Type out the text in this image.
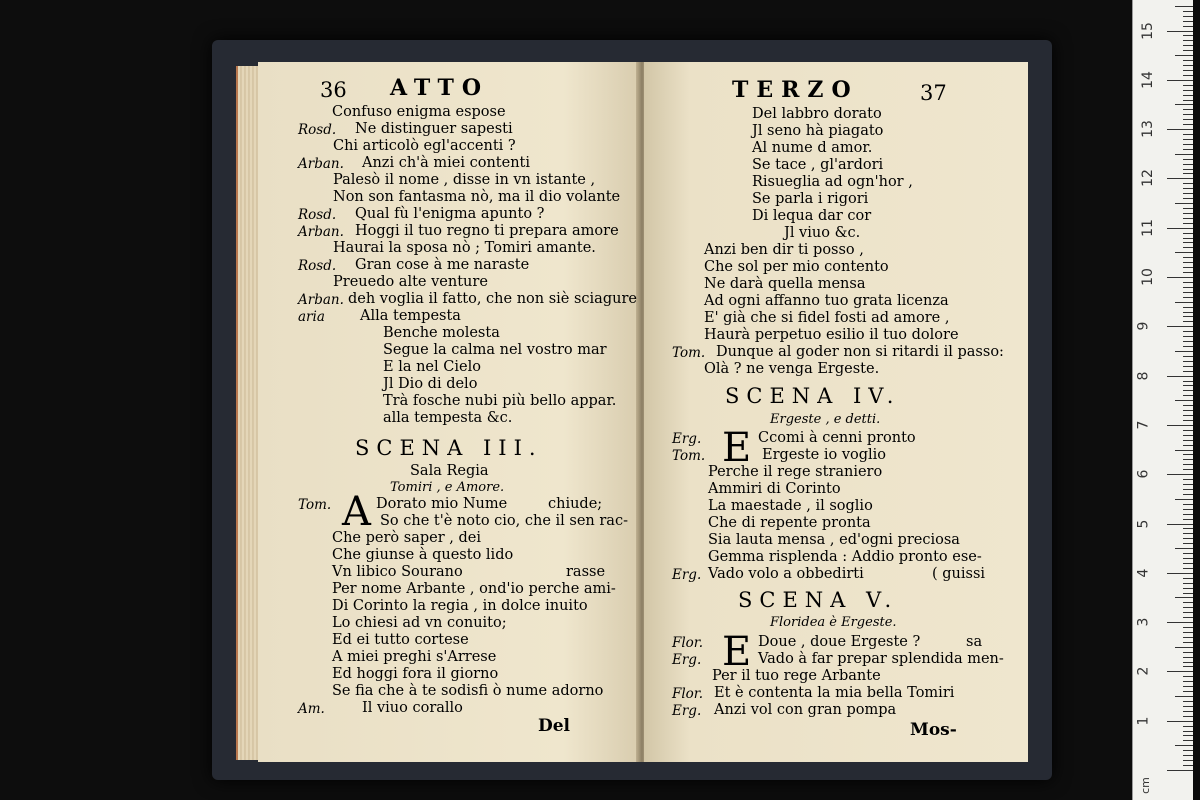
36 ATTO
SCENA III.
Sala Regia
Tomiri , e Amore.
A
Del
Confuso enigma espose
Rosd. Ne distinguer sapesti
Chi articolò egl'accenti ?
Arban. Anzi ch'à miei contenti
Palesò il nome , disse in vn istante ,
Non son fantasma nò, ma il dio volante
Rosd. Qual fù l'enigma apunto ?
Arban. Hoggi il tuo regno ti prepara amore
Haurai la sposa nò ; Tomiri amante.
Rosd. Gran cose à me naraste
Preuedo alte venture
Arban. deh voglia il fatto, che non siè sciagure
aria Alla tempesta
Benche molesta
Segue la calma nel vostro mar
E la nel Cielo
Jl Dio di delo
Trà fosche nubi più bello appar.
alla tempesta &c.
Tom.	Dorato mio Nume	chiude;
So che t'è noto cio, che il sen rac-
Che però saper , dei
Che giunse à questo lido
Vn libico Sourano	rasse
Per nome Arbante , ond'io perche ami-
Di Corinto la regia , in dolce inuito
Lo chiesi ad vn conuito;
Ed ei tutto cortese
A miei preghi s'Arrese
Ed hoggi fora il giorno
Se fia che à te sodisfi ò nume adorno
Am.	Il viuo corallo
TERZO	37
SCENA IV.
Ergeste , e detti.
E
SCENA V.
Floridea è Ergeste.
E
Mos-
Del labbro dorato
Jl seno hà piagato
Al nume d amor.
Se tace , gl'ardori
Risueglia ad ogn'hor ,
Se parla i rigori
Di lequa dar cor
Jl viuo &c.
Anzi ben dir ti posso ,
Che sol per mio contento
Ne darà quella mensa
Ad ogni affanno tuo grata licenza
E' già che si fidel fosti ad amore ,
Haurà perpetuo esilio il tuo dolore
Tom. Dunque al goder non si ritardi il passo:
Olà ? ne venga Ergeste.
Erg.	Ccomi à cenni pronto
Tom.	Ergeste io voglio
Perche il rege straniero
Ammiri di Corinto
La maestade , il soglio
Che di repente pronta
Sia lauta mensa , ed'ogni preciosa
Gemma risplenda : Addio pronto ese-
Erg. Vado volo a obbedirti	( guissi
Flor.	Doue , doue Ergeste ?	sa
Erg.	Vado à far prepar splendida men-
Per il tuo rege Arbante
Flor. Et è contenta la mia bella Tomiri
Erg. Anzi vol con gran pompa
cm
1
2
3
4
5
6
7
8
9
10
11
12
13
14
15
